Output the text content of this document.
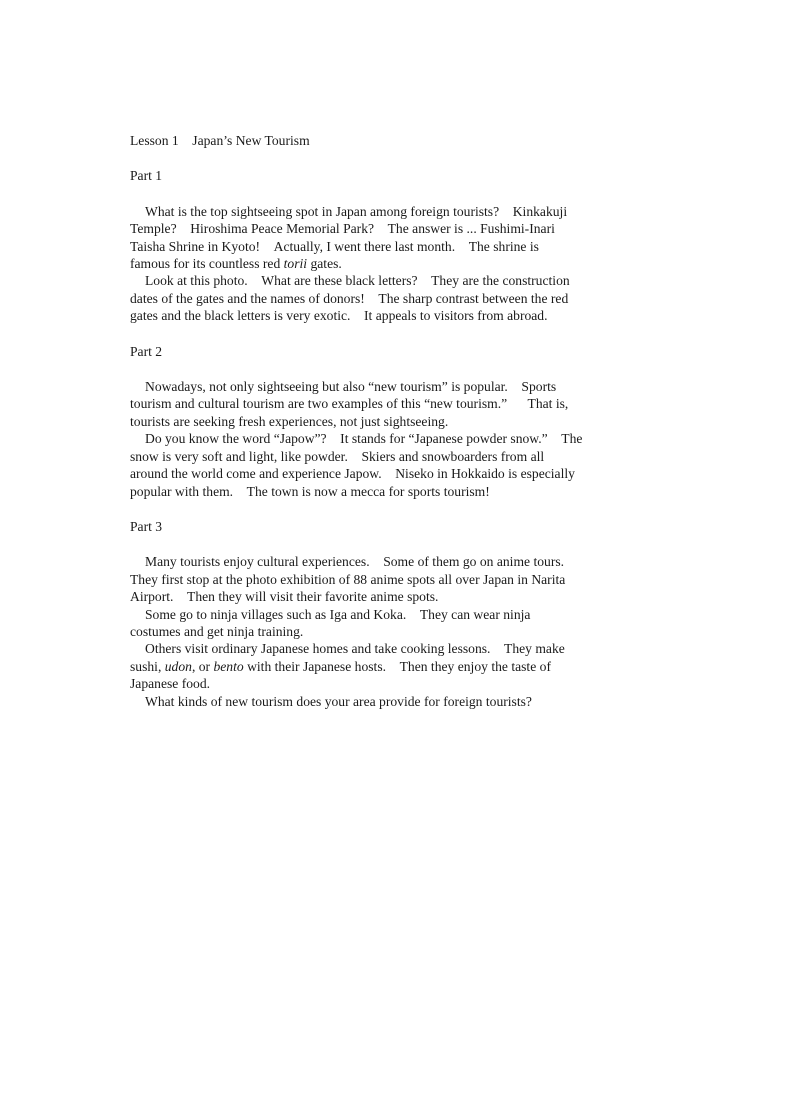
Lesson 1 Japan’s New Tourism
Part 1

What is the top sightseeing spot in Japan among foreign tourists? Kinkakuji
Temple? Hiroshima Peace Memorial Park? The answer is ... Fushimi-Inari
Taisha Shrine in Kyoto! Actually, I went there last month. The shrine is
famous for its countless red torii gates.

Look at this photo. What are these black letters? They are the construction
dates of the gates and the names of donors! The sharp contrast between the red
gates and the black letters is very exotic. It appeals to visitors from abroad.

Part 2

Nowadays, not only sightseeing but also “new tourism” is popular. Sports
tourism and cultural tourism are two examples of this “new tourism.”  That is,
tourists are seeking fresh experiences, not just sightseeing.

Do you know the word “Japow”? It stands for “Japanese powder snow.” The
snow is very soft and light, like powder. Skiers and snowboarders from all
around the world come and experience Japow. Niseko in Hokkaido is especially
popular with them. The town is now a mecca for sports tourism!

Part 3

Many tourists enjoy cultural experiences. Some of them go on anime tours.
They first stop at the photo exhibition of 88 anime spots all over Japan in Narita
Airport. Then they will visit their favorite anime spots.

Some go to ninja villages such as Iga and Koka. They can wear ninja
costumes and get ninja training.

Others visit ordinary Japanese homes and take cooking lessons. They make
sushi, udon, or bento with their Japanese hosts. Then they enjoy the taste of
Japanese food.

What kinds of new tourism does your area provide for foreign tourists?
